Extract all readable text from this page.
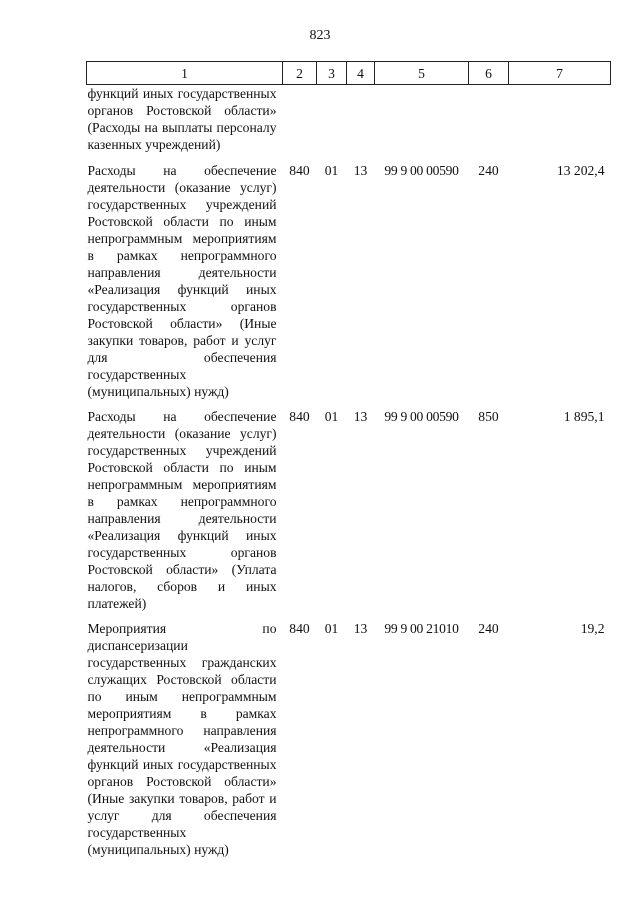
823
1	2	3	4	5	6	7
функций иных государственных органов Ростовской области» (Расходы на выплаты персоналу казенных учреждений)						
Расходы на обеспечение деятельности (оказание услуг) государственных учреждений Ростовской области по иным непрограммным мероприятиям в рамках непрограммного направления деятельности «Реализация функций иных государственных органов Ростовской области» (Иные закупки товаров, работ и услуг для обеспечения государственных (муниципальных) нужд)	840	01	13	99 9 00 00590	240	13 202,4
Расходы на обеспечение деятельности (оказание услуг) государственных учреждений Ростовской области по иным непрограммным мероприятиям в рамках непрограммного направления деятельности «Реализация функций иных государственных органов Ростовской области» (Уплата налогов, сборов и иных платежей)	840	01	13	99 9 00 00590	850	1 895,1
Мероприятия по диспансеризации государственных гражданских служащих Ростовской области по иным непрограммным мероприятиям в рамках непрограммного направления деятельности «Реализация функций иных государственных органов Ростовской области» (Иные закупки товаров, работ и услуг для обеспечения государственных (муниципальных) нужд)	840	01	13	99 9 00 21010	240	19,2
